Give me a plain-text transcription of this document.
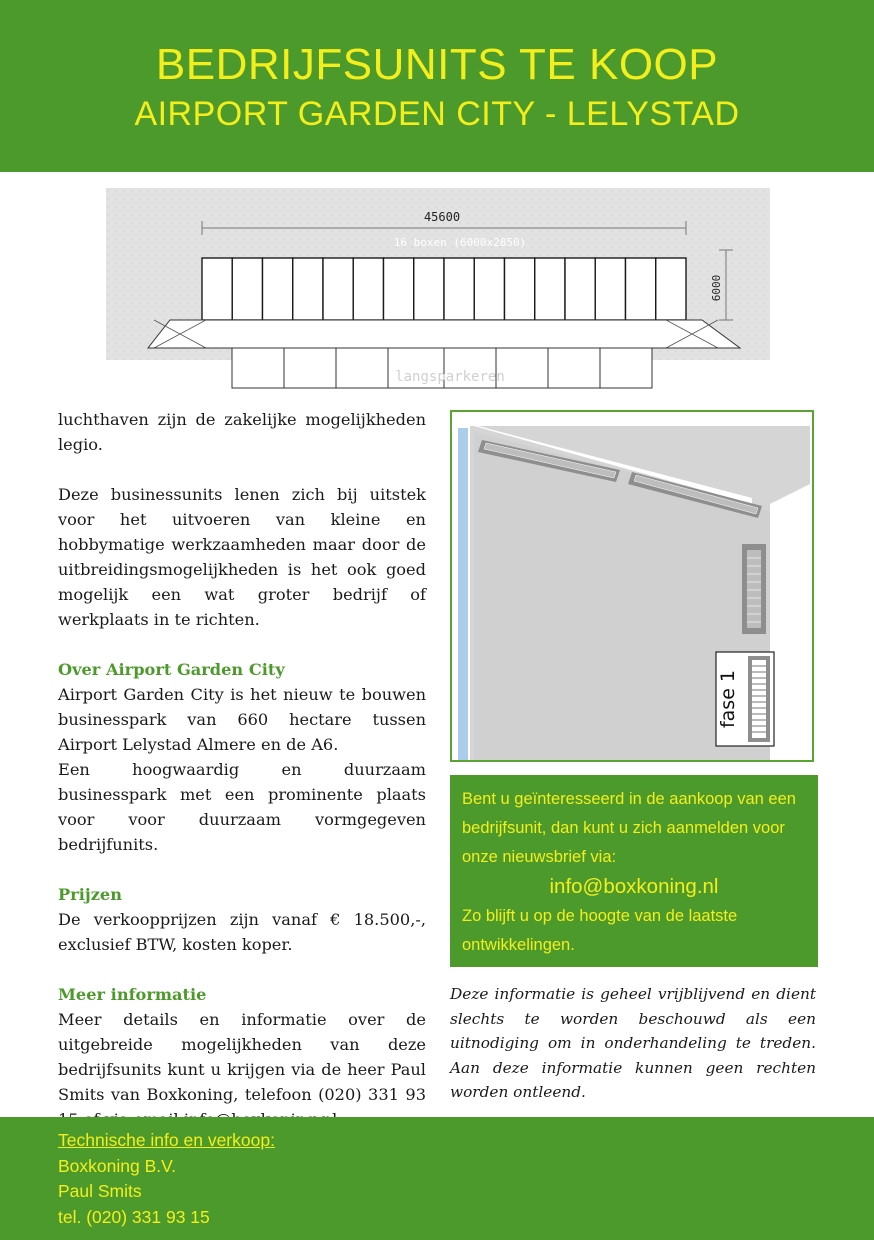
BEDRIJFSUNITS TE KOOP
AIRPORT GARDEN CITY - LELYSTAD
45600
16 boxen (6000x2850)
6000
langsparkeren

luchthaven zijn de zakelijke mogelijkheden legio.

Deze businessunits lenen zich bij uitstek voor het uitvoeren van kleine en hobbymatige werkzaamheden maar door de uitbreidingsmogelijkheden is het ook goed mogelijk een wat groter bedrijf of werkplaats in te richten.

Over Airport Garden City
Airport Garden City is het nieuw te bouwen businesspark van 660 hectare tussen Airport Lelystad Almere en de A6.

Een hoogwaardig en duurzaam businesspark met een prominente plaats voor voor duurzaam vormgegeven bedrijfunits.

Prijzen

De verkoopprijzen zijn vanaf € 18.500,-, exclusief BTW, kosten koper.

Meer informatie
Meer details en informatie over de uitgebreide mogelijkheden van deze bedrijfsunits kunt u krijgen via de heer Paul Smits van Boxkoning, telefoon (020) 331 93
fase 1
Bent u geïnteresseerd in de aankoop van een bedrijfsunit, dan kunt u zich aanmelden voor onze nieuwsbrief via:
info@boxkoning.nl
Zo blijft u op de hoogte van de laatste ontwikkelingen.
Deze informatie is geheel vrijblijvend en dient slechts te worden beschouwd als een uitnodiging om in onderhandeling te treden. Aan deze informatie kunnen geen rechten worden ontleend.
Technische info en verkoop:
Boxkoning B.V.
Paul Smits
tel. (020) 331 93 15
